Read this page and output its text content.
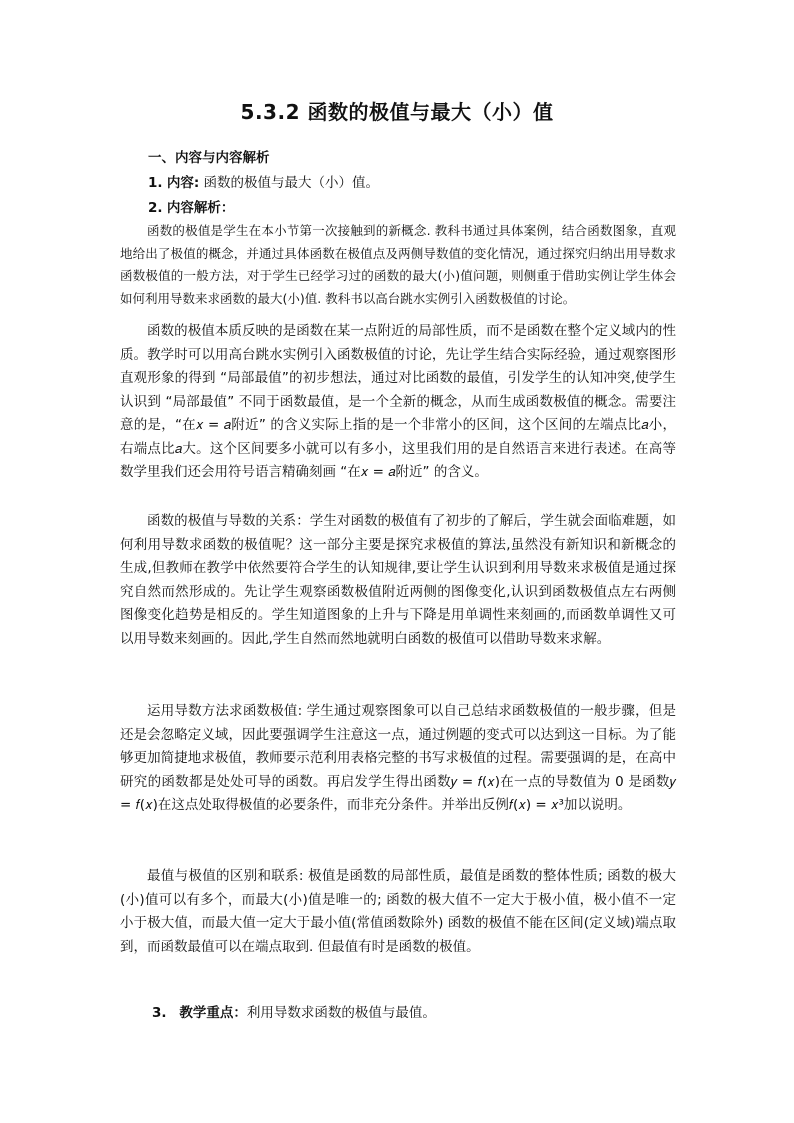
5.3.2 函数的极值与最大（小）值
一、内容与内容解析
1. 内容: 函数的极值与最大（小）值。
2. 内容解析：

函数的极值是学生在本小节第一次接触到的新概念. 教科书通过具体案例，结合函数图象，直观地给出了极值的概念，并通过具体函数在极值点及两侧导数值的变化情况，通过探究归纳出用导数求函数极值的一般方法，对于学生已经学习过的函数的最大(小)值问题，则侧重于借助实例让学生体会如何利用导数来求函数的最大(小)值. 教科书以高台跳水实例引入函数极值的讨论。

函数的极值本质反映的是函数在某一点附近的局部性质，而不是函数在整个定义域内的性质。教学时可以用高台跳水实例引入函数极值的讨论，先让学生结合实际经验，通过观察图形直观形象的得到 “局部最值”的初步想法，通过对比函数的最值，引发学生的认知冲突,使学生认识到 “局部最值” 不同于函数最值，是一个全新的概念，从而生成函数极值的概念。需要注意的是，“在𝑥 = 𝑎附近” 的含义实际上指的是一个非常小的区间，这个区间的左端点比𝑎小，右端点比𝑎大。这个区间要多小就可以有多小，这里我们用的是自然语言来进行表述。在高等数学里我们还会用符号语言精确刻画 “在𝑥 = 𝑎附近” 的含义。

函数的极值与导数的关系：学生对函数的极值有了初步的了解后，学生就会面临难题，如何利用导数求函数的极值呢？这一部分主要是探究求极值的算法,虽然没有新知识和新概念的生成,但教师在教学中依然要符合学生的认知规律,要让学生认识到利用导数来求极值是通过探究自然而然形成的。先让学生观察函数极值附近两侧的图像变化,认识到函数极值点左右两侧图像变化趋势是相反的。学生知道图象的上升与下降是用单调性来刻画的,而函数单调性又可以用导数来刻画的。因此,学生自然而然地就明白函数的极值可以借助导数来求解。

运用导数方法求函数极值: 学生通过观察图象可以自己总结求函数极值的一般步骤，但是还是会忽略定义域，因此要强调学生注意这一点，通过例题的变式可以达到这一目标。为了能够更加简捷地求极值，教师要示范利用表格完整的书写求极值的过程。需要强调的是，在高中研究的函数都是处处可导的函数。再启发学生得出函数𝑦 = 𝑓(𝑥)在一点的导数值为 0 是函数𝑦 = 𝑓(𝑥)在这点处取得极值的必要条件，而非充分条件。并举出反例𝑓(𝑥) = 𝑥³加以说明。

最值与极值的区别和联系: 极值是函数的局部性质，最值是函数的整体性质; 函数的极大(小)值可以有多个，而最大(小)值是唯一的; 函数的极大值不一定大于极小值，极小值不一定小于极大值，而最大值一定大于最小值(常值函数除外) 函数的极值不能在区间(定义域)端点取到，而函数最值可以在端点取到. 但最值有时是函数的极值。

3. 教学重点：利用导数求函数的极值与最值。
